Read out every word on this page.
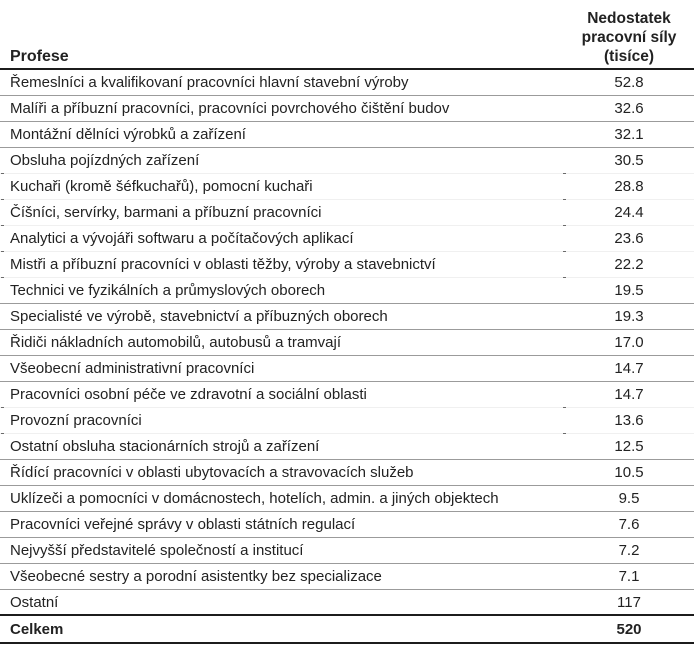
Profese
Nedostatek
pracovní síly
(tisíce)
Řemeslníci a kvalifikovaní pracovníci hlavní stavební výroby	52.8
Malíři a příbuzní pracovníci, pracovníci povrchového čištění budov	32.6
Montážní dělníci výrobků a zařízení	32.1
Obsluha pojízdných zařízení	30.5
Kuchaři (kromě šéfkuchařů), pomocní kuchaři	28.8
Číšníci, servírky, barmani a příbuzní pracovníci	24.4
Analytici a vývojáři softwaru a počítačových aplikací	23.6
Mistři a příbuzní pracovníci v oblasti těžby, výroby a stavebnictví	22.2
Technici ve fyzikálních a průmyslových oborech	19.5
Specialisté ve výrobě, stavebnictví a příbuzných oborech	19.3
Řidiči nákladních automobilů, autobusů a tramvají	17.0
Všeobecní administrativní pracovníci	14.7
Pracovníci osobní péče ve zdravotní a sociální oblasti	14.7
Provozní pracovníci	13.6
Ostatní obsluha stacionárních strojů a zařízení	12.5
Řídící pracovníci v oblasti ubytovacích a stravovacích služeb	10.5
Uklízeči a pomocníci v domácnostech, hotelích, admin. a jiných objektech	9.5
Pracovníci veřejné správy v oblasti státních regulací	7.6
Nejvyšší představitelé společností a institucí	7.2
Všeobecné sestry a porodní asistentky bez specializace	7.1
Ostatní	117
Celkem	520
